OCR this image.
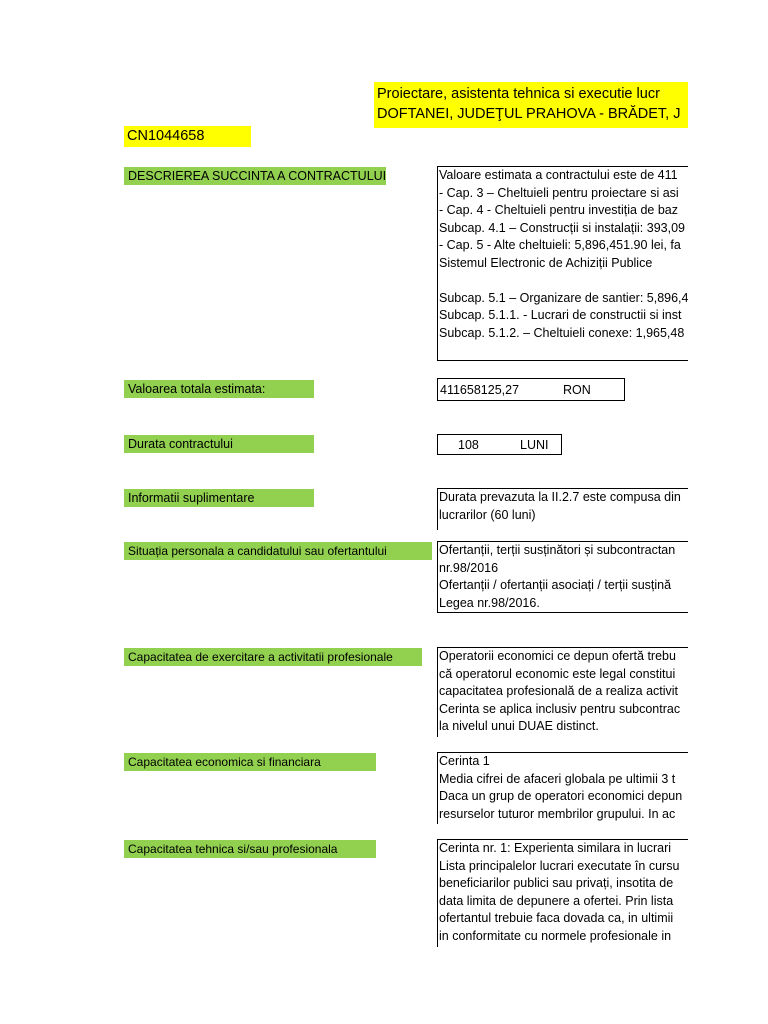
Proiectare, asistenta tehnica si executie lucr
DOFTANEI, JUDEŢUL PRAHOVA - BRĂDET, J
CN1044658
DESCRIEREA SUCCINTA A CONTRACTULUI	Valoare estimata a contractului este de 411
- Cap. 3 – Cheltuieli pentru proiectare si asi
- Cap. 4 - Cheltuieli pentru investiția de baz
Subcap. 4.1 – Construcții si instalații: 393,09
- Cap. 5 - Alte cheltuieli: 5,896,451.90 lei, fa
Sistemul Electronic de Achiziții Publice
Subcap. 5.1 – Organizare de santier: 5,896,4
Subcap. 5.1.1. - Lucrari de constructii si inst
Subcap. 5.1.2. – Cheltuieli conexe: 1,965,48
Valoarea totala estimata:	411658125,27	RON
Durata contractului	108	LUNI
Informatii suplimentare	Durata prevazuta la II.2.7 este compusa din
lucrarilor (60 luni)
Situația personala a candidatului sau ofertantului	Ofertanții, terții susținători și subcontractan
nr.98/2016
Ofertanții / ofertanții asociați / terții susțină
Legea nr.98/2016.
Capacitatea de exercitare a activitatii profesionale	Operatorii economici ce depun ofertă trebu
că operatorul economic este legal constitui
capacitatea profesională de a realiza activit
Cerinta se aplica inclusiv pentru subcontrac
la nivelul unui DUAE distinct.
Capacitatea economica si financiara	Cerinta 1
Media cifrei de afaceri globala pe ultimii 3 t
Daca un grup de operatori economici depun
resurselor tuturor membrilor grupului. In ac
Capacitatea tehnica si/sau profesionala	Cerinta nr. 1: Experienta similara in lucrari
Lista principalelor lucrari executate în cursu
beneficiarilor publici sau privați, insotita de
data limita de depunere a ofertei. Prin lista
ofertantul trebuie faca dovada ca, in ultimii
in conformitate cu normele profesionale in
